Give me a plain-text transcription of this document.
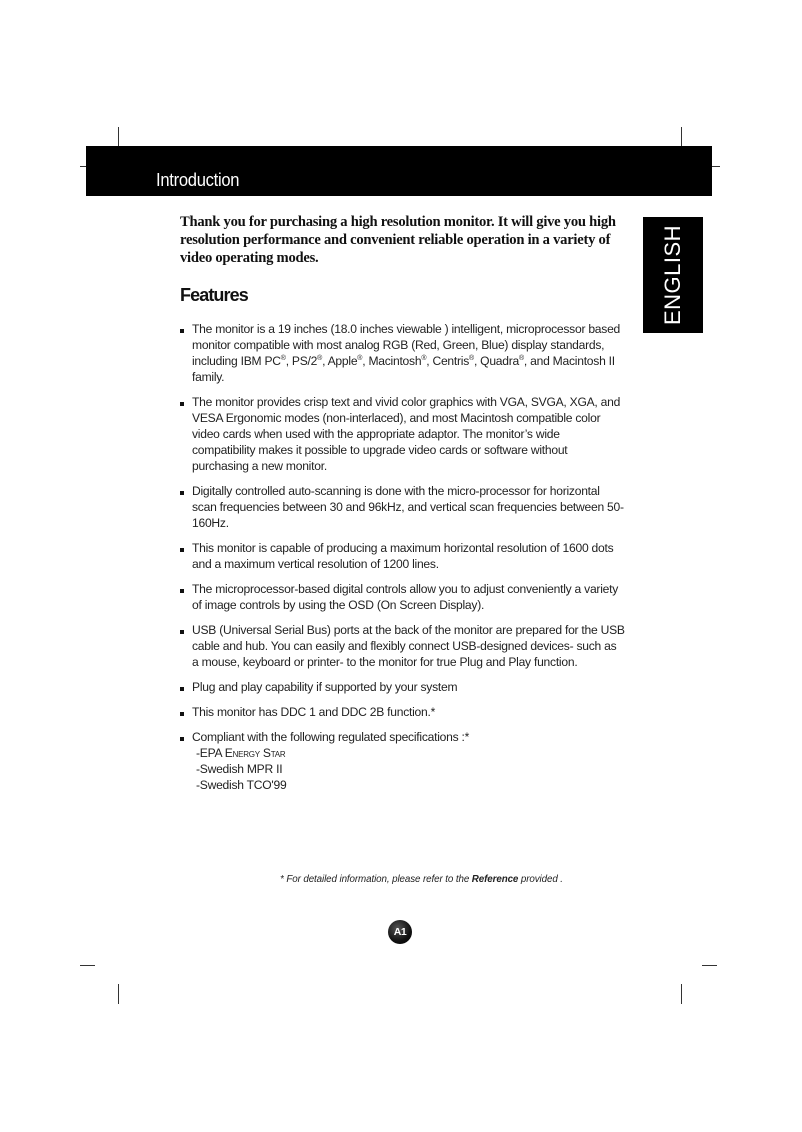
Introduction
ENGLISH
Thank you for purchasing a high resolution monitor. It will give you high resolution performance and convenient reliable operation in a variety of video operating modes.
Features
The monitor is a 19 inches (18.0 inches viewable ) intelligent, microprocessor based monitor compatible with most analog RGB (Red, Green, Blue) display standards, including IBM PC®, PS/2®, Apple®, Macintosh®, Centris®, Quadra®, and Macintosh II family.
The monitor provides crisp text and vivid color graphics with VGA, SVGA, XGA, and VESA Ergonomic modes (non-interlaced), and most Macintosh compatible color video cards when used with the appropriate adaptor. The monitor’s wide compatibility makes it possible to upgrade video cards or software without purchasing a new monitor.
Digitally controlled auto-scanning is done with the micro-processor for horizontal scan frequencies between 30 and 96kHz, and vertical scan frequencies between 50-160Hz.
This monitor is capable of producing a maximum horizontal resolution of 1600 dots and a maximum vertical resolution of 1200 lines.
The microprocessor-based digital controls allow you to adjust conveniently a variety of image controls by using the OSD (On Screen Display).
USB (Universal Serial Bus) ports at the back of the monitor are prepared for the USB cable and hub. You can easily and flexibly connect USB-designed devices- such as a mouse, keyboard or printer- to the monitor for true Plug and Play function.
Plug and play capability if supported by your system
This monitor has DDC 1 and DDC 2B function.*
Compliant with the following regulated specifications :*
-EPA Energy Star
-Swedish MPR II
-Swedish TCO'99
* For detailed information, please refer to the Reference provided .
A1
